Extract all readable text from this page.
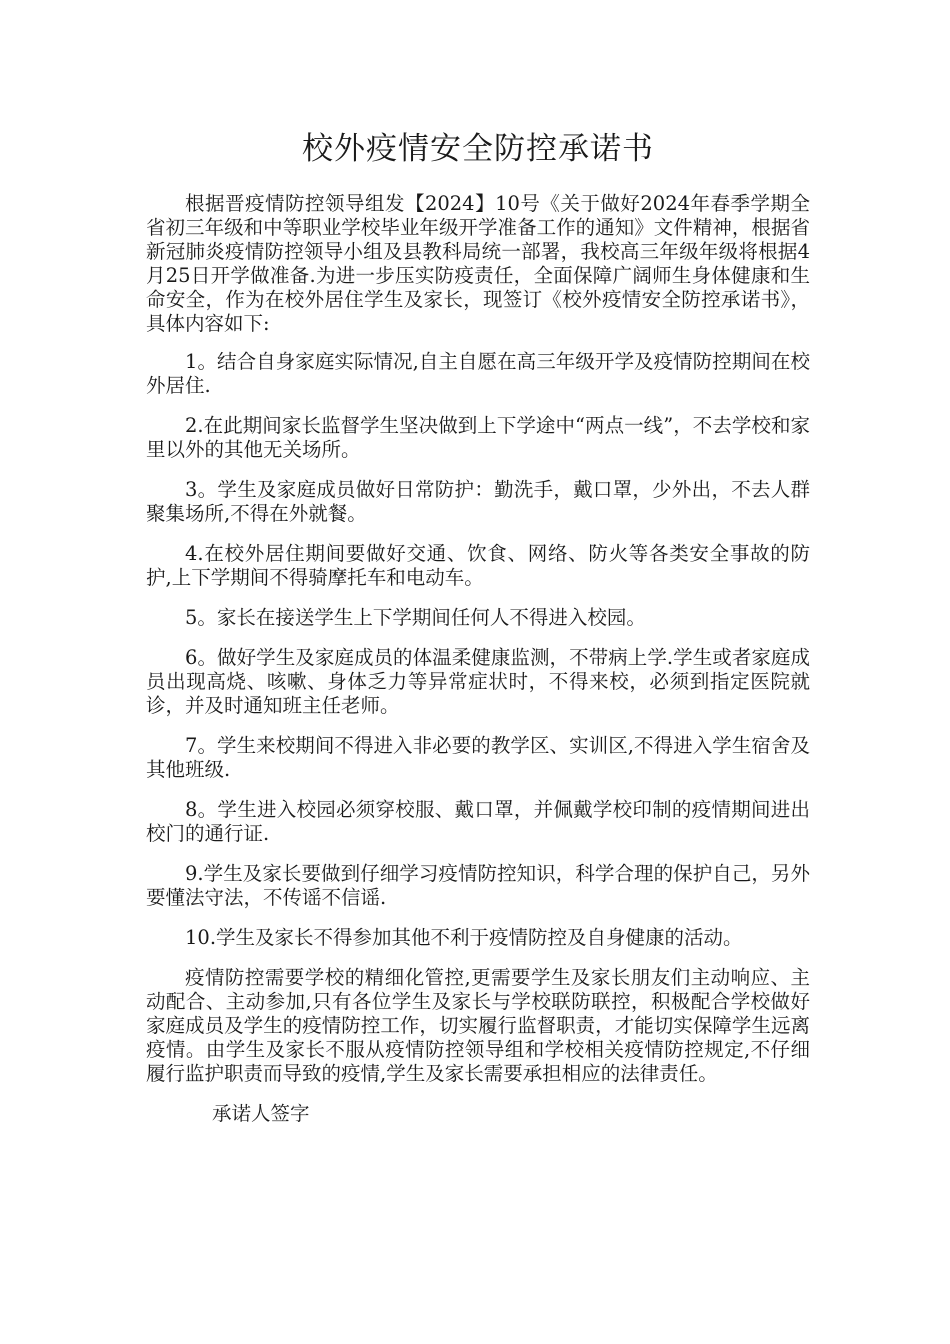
校外疫情安全防控承诺书

根据晋疫情防控领导组发【2024】10号《关于做好2024年春季学期全省初三年级和中等职业学校毕业年级开学准备工作的通知》文件精神，根据省新冠肺炎疫情防控领导小组及县教科局统一部署，我校高三年级年级将根据4月25日开学做准备.为进一步压实防疫责任，全面保障广阔师生身体健康和生命安全，作为在校外居住学生及家长，现签订《校外疫情安全防控承诺书》，具体内容如下:

1。结合自身家庭实际情况,自主自愿在高三年级开学及疫情防控期间在校外居住.

2.在此期间家长监督学生坚决做到上下学途中“两点一线”，不去学校和家里以外的其他无关场所。

3。学生及家庭成员做好日常防护：勤洗手，戴口罩，少外出，不去人群聚集场所,不得在外就餐。

4.在校外居住期间要做好交通、饮食、网络、防火等各类安全事故的防护,上下学期间不得骑摩托车和电动车。

5。家长在接送学生上下学期间任何人不得进入校园。

6。做好学生及家庭成员的体温柔健康监测，不带病上学.学生或者家庭成员出现高烧、咳嗽、身体乏力等异常症状时，不得来校，必须到指定医院就诊，并及时通知班主任老师。

7。学生来校期间不得进入非必要的教学区、实训区,不得进入学生宿舍及其他班级.

8。学生进入校园必须穿校服、戴口罩，并佩戴学校印制的疫情期间进出校门的通行证.

9.学生及家长要做到仔细学习疫情防控知识，科学合理的保护自己，另外要懂法守法，不传谣不信谣.

10.学生及家长不得参加其他不利于疫情防控及自身健康的活动。

疫情防控需要学校的精细化管控,更需要学生及家长朋友们主动响应、主动配合、主动参加,只有各位学生及家长与学校联防联控，积极配合学校做好家庭成员及学生的疫情防控工作，切实履行监督职责，才能切实保障学生远离疫情。由学生及家长不服从疫情防控领导组和学校相关疫情防控规定,不仔细履行监护职责而导致的疫情,学生及家长需要承担相应的法律责任。

承诺人签字
